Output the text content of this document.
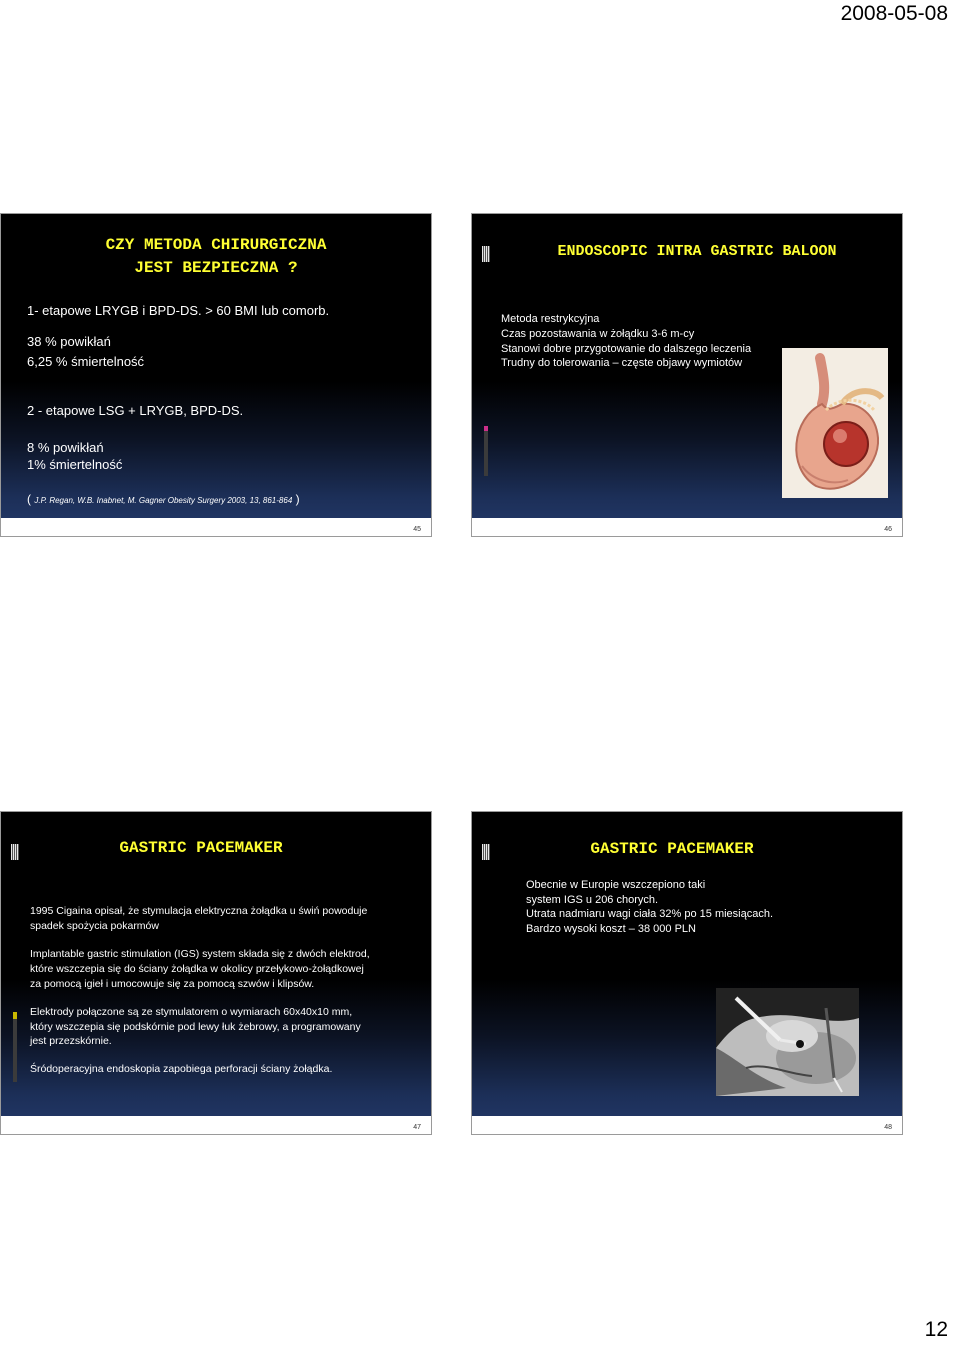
2008-05-08
CZY METODA CHIRURGICZNA
JEST BEZPIECZNA ?
1- etapowe LRYGB i BPD-DS. > 60 BMI lub comorb.
38 % powikłań
6,25 % śmiertelność
2 - etapowe LSG + LRYGB, BPD-DS.
8 % powikłań
1% śmiertelność
( J.P. Regan, W.B. Inabnet, M. Gagner Obesity Surgery 2003, 13, 861-864 )
45
ENDOSCOPIC INTRA GASTRIC BALOON
Metoda restrykcyjna
Czas pozostawania w żołądku 3-6 m-cy
Stanowi dobre przygotowanie do dalszego leczenia
Trudny do tolerowania – częste objawy wymiotów
46
GASTRIC PACEMAKER
1995 Cigaina opisał, że stymulacja elektryczna żołądka u świń powoduje
spadek spożycia pokarmów
Implantable gastric stimulation (IGS) system składa się z dwóch elektrod,
które wszczepia się do ściany żołądka w okolicy przełykowo-żołądkowej
za pomocą igieł i umocowuje się za pomocą szwów i klipsów.
Elektrody połączone są ze stymulatorem o wymiarach 60x40x10 mm,
który wszczepia się podskórnie pod lewy łuk żebrowy, a programowany
jest przezskórnie.
Śródoperacyjna endoskopia zapobiega perforacji ściany żołądka.
47
GASTRIC PACEMAKER
Obecnie w Europie wszczepiono taki
system IGS u 206 chorych.
Utrata nadmiaru wagi ciała 32% po 15 miesiącach.
Bardzo wysoki koszt – 38 000 PLN
48
12
